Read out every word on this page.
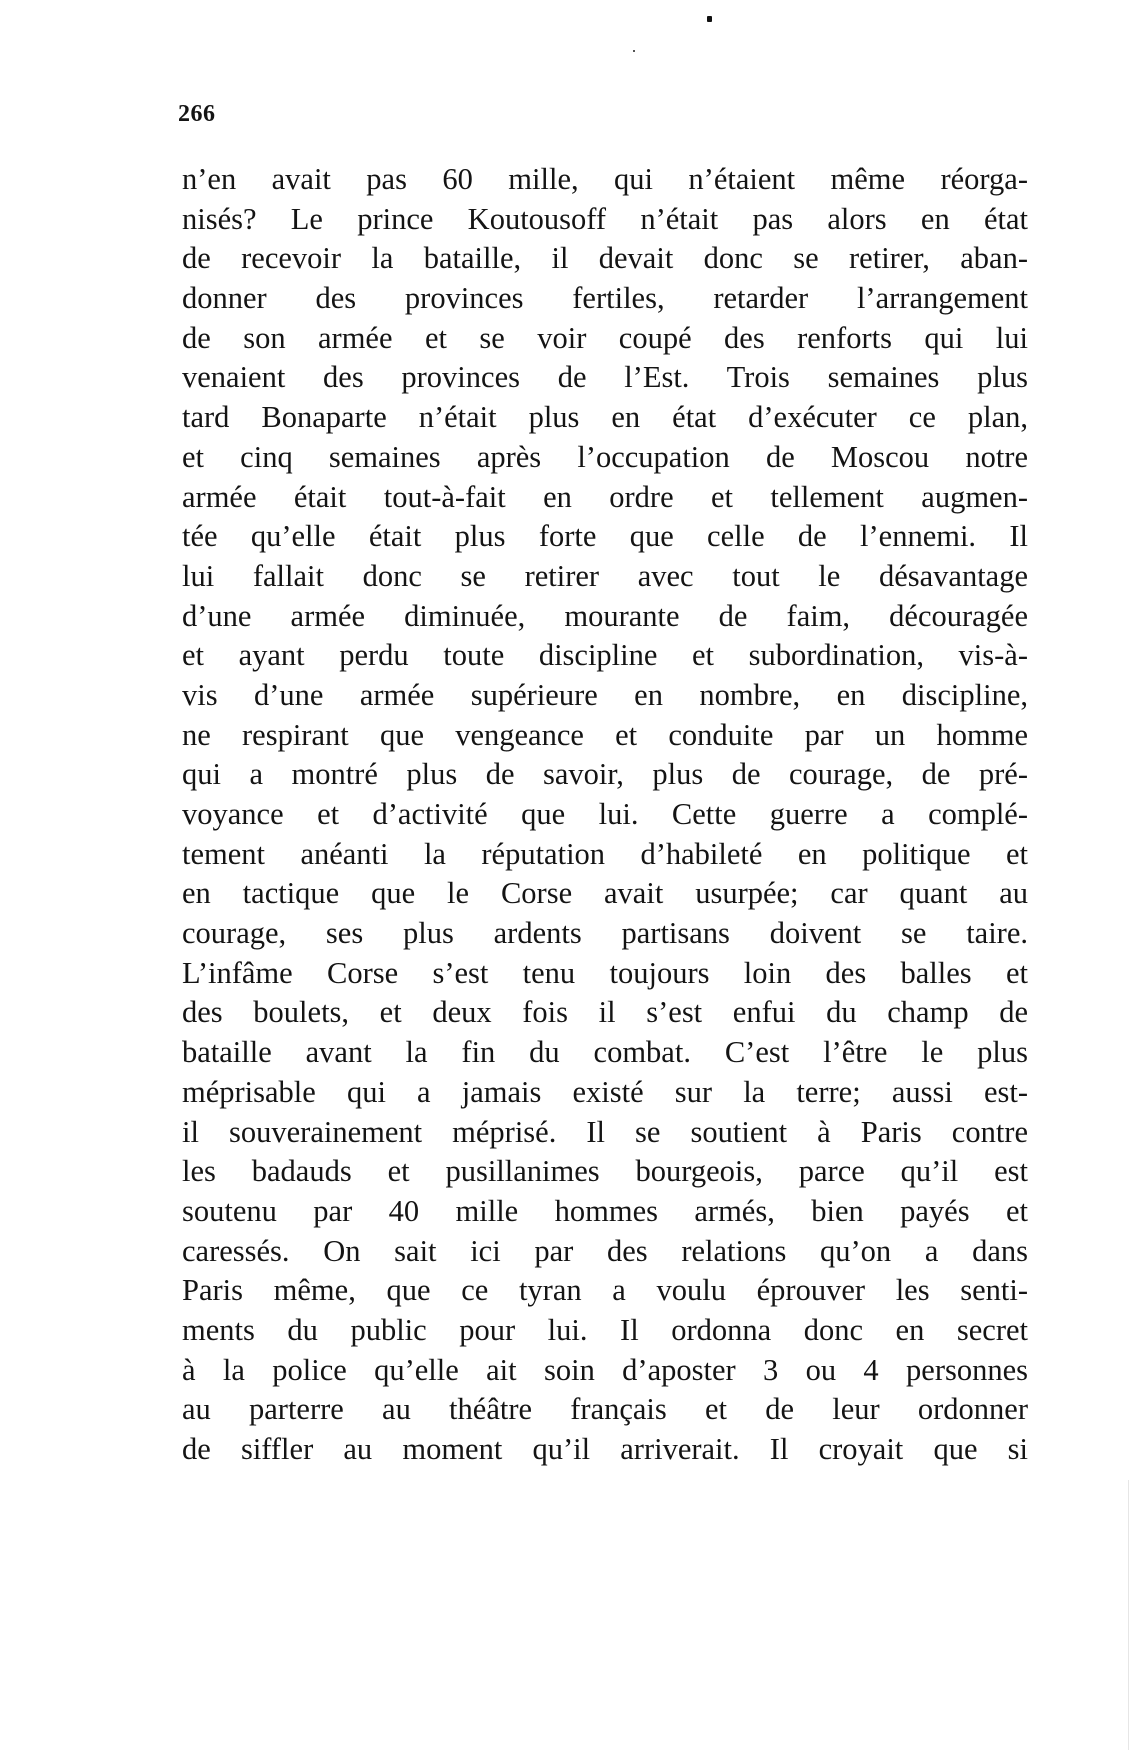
266
n’en avait pas 60 mille, qui n’étaient même réorga-
nisés? Le prince Koutousoff n’était pas alors en état
de recevoir la bataille, il devait donc se retirer, aban-
donner des provinces fertiles, retarder l’arrangement
de son armée et se voir coupé des renforts qui lui
venaient des provinces de l’Est. Trois semaines plus
tard Bonaparte n’était plus en état d’exécuter ce plan,
et cinq semaines après l’occupation de Moscou notre
armée était tout-à-fait en ordre et tellement augmen-
tée qu’elle était plus forte que celle de l’ennemi. Il
lui fallait donc se retirer avec tout le désavantage
d’une armée diminuée, mourante de faim, découragée
et ayant perdu toute discipline et subordination, vis-à-
vis d’une armée supérieure en nombre, en discipline,
ne respirant que vengeance et conduite par un homme
qui a montré plus de savoir, plus de courage, de pré-
voyance et d’activité que lui. Cette guerre a complé-
tement anéanti la réputation d’habileté en politique et
en tactique que le Corse avait usurpée; car quant au
courage, ses plus ardents partisans doivent se taire.
L’infâme Corse s’est tenu toujours loin des balles et
des boulets, et deux fois il s’est enfui du champ de
bataille avant la fin du combat. C’est l’être le plus
méprisable qui a jamais existé sur la terre; aussi est-
il souverainement méprisé. Il se soutient à Paris contre
les badauds et pusillanimes bourgeois, parce qu’il est
soutenu par 40 mille hommes armés, bien payés et
caressés. On sait ici par des relations qu’on a dans
Paris même, que ce tyran a voulu éprouver les senti-
ments du public pour lui. Il ordonna donc en secret
à la police qu’elle ait soin d’aposter 3 ou 4 personnes
au parterre au théâtre français et de leur ordonner
de siffler au moment qu’il arriverait. Il croyait que si
